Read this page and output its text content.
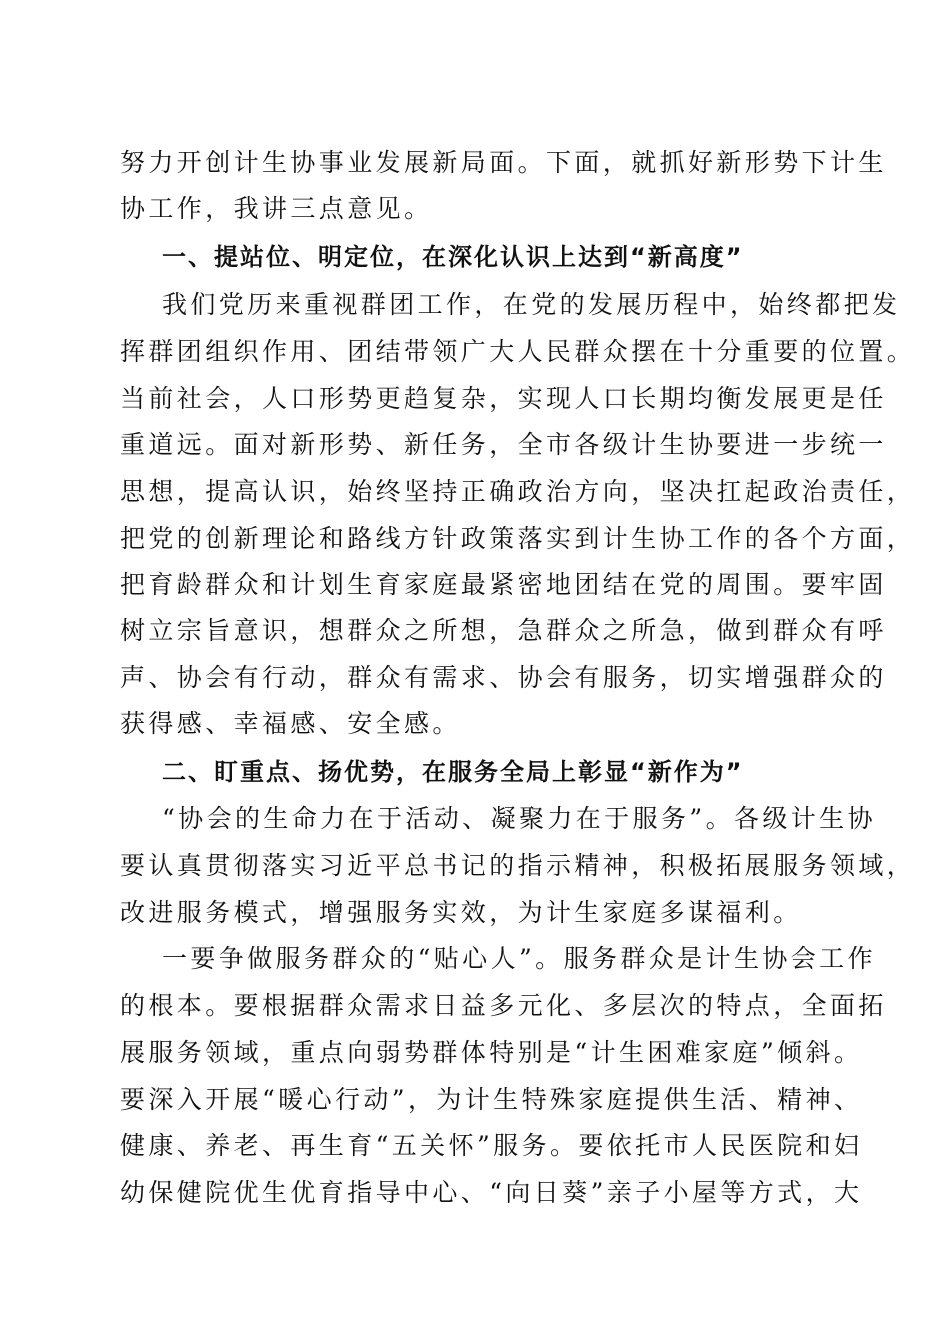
努力开创计生协事业发展新局面。下面，就抓好新形势下计生
协工作，我讲三点意见。
一、提站位、明定位，在深化认识上达到“新高度”
我们党历来重视群团工作，在党的发展历程中，始终都把发
挥群团组织作用、团结带领广大人民群众摆在十分重要的位置。
当前社会，人口形势更趋复杂，实现人口长期均衡发展更是任
重道远。面对新形势、新任务，全市各级计生协要进一步统一
思想，提高认识，始终坚持正确政治方向，坚决扛起政治责任，
把党的创新理论和路线方针政策落实到计生协工作的各个方面，
把育龄群众和计划生育家庭最紧密地团结在党的周围。要牢固
树立宗旨意识，想群众之所想，急群众之所急，做到群众有呼
声、协会有行动，群众有需求、协会有服务，切实增强群众的
获得感、幸福感、安全感。
二、盯重点、扬优势，在服务全局上彰显“新作为”
“协会的生命力在于活动、凝聚力在于服务”。各级计生协
要认真贯彻落实习近平总书记的指示精神，积极拓展服务领域，
改进服务模式，增强服务实效，为计生家庭多谋福利。
一要争做服务群众的“贴心人”。服务群众是计生协会工作
的根本。要根据群众需求日益多元化、多层次的特点，全面拓
展服务领域，重点向弱势群体特别是“计生困难家庭”倾斜。
要深入开展“暖心行动”，为计生特殊家庭提供生活、精神、
健康、养老、再生育“五关怀”服务。要依托市人民医院和妇
幼保健院优生优育指导中心、“向日葵”亲子小屋等方式，大
